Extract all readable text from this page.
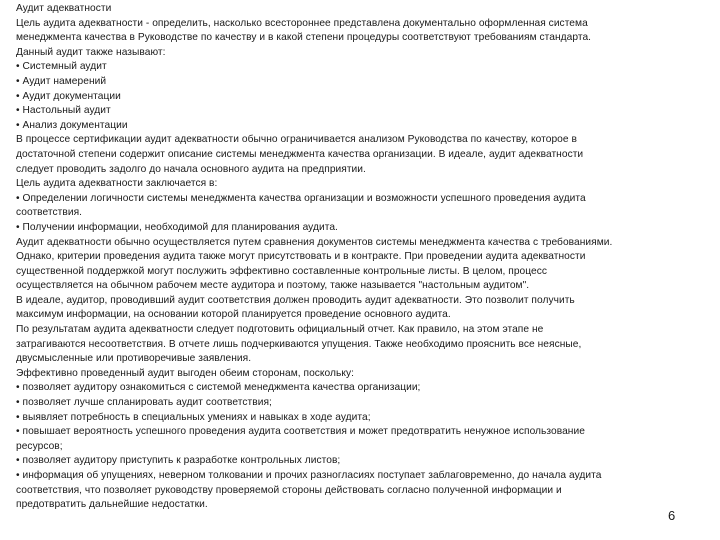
Аудит адекватности
Цель аудита адекватности - определить, насколько всестороннее представлена документально оформленная система
менеджмента качества в Руководстве по качеству и в какой степени процедуры соответствуют требованиям стандарта.
Данный аудит также называют:
• Системный аудит
• Аудит намерений
• Аудит документации
• Настольный аудит
• Анализ документации
В процессе сертификации аудит адекватности обычно ограничивается анализом Руководства по качеству, которое в
достаточной степени содержит описание системы менеджмента качества организации. В идеале, аудит адекватности
следует проводить задолго до начала основного аудита на предприятии.
Цель аудита адекватности заключается в:
• Определении логичности системы менеджмента качества организации и возможности успешного проведения аудита
соответствия.
• Получении информации, необходимой для планирования аудита.
Аудит адекватности обычно осуществляется путем сравнения документов системы менеджмента качества с требованиями.
Однако, критерии проведения аудита также могут присутствовать и в контракте. При проведении аудита адекватности
существенной поддержкой могут послужить эффективно составленные контрольные листы. В целом, процесс
осуществляется на обычном рабочем месте аудитора и поэтому, также называется "настольным аудитом".
В идеале, аудитор, проводивший аудит соответствия должен проводить аудит адекватности. Это позволит получить
максимум информации, на основании которой планируется проведение основного аудита.
По результатам аудита адекватности следует подготовить официальный отчет. Как правило, на этом этапе не
затрагиваются несоответствия. В отчете лишь подчеркиваются упущения. Также необходимо прояснить все неясные,
двусмысленные или противоречивые заявления.
Эффективно проведенный аудит выгоден обеим сторонам, поскольку:
• позволяет аудитору ознакомиться с системой менеджмента качества организации;
• позволяет лучше спланировать аудит соответствия;
• выявляет потребность в специальных умениях и навыках в ходе аудита;
• повышает вероятность успешного проведения аудита соответствия и может предотвратить ненужное использование
ресурсов;
• позволяет аудитору приступить к разработке контрольных листов;
• информация об упущениях, неверном толковании и прочих разногласиях поступает заблаговременно, до начала аудита
соответствия, что позволяет руководству проверяемой стороны действовать согласно полученной информации и
предотвратить дальнейшие недостатки.
6
